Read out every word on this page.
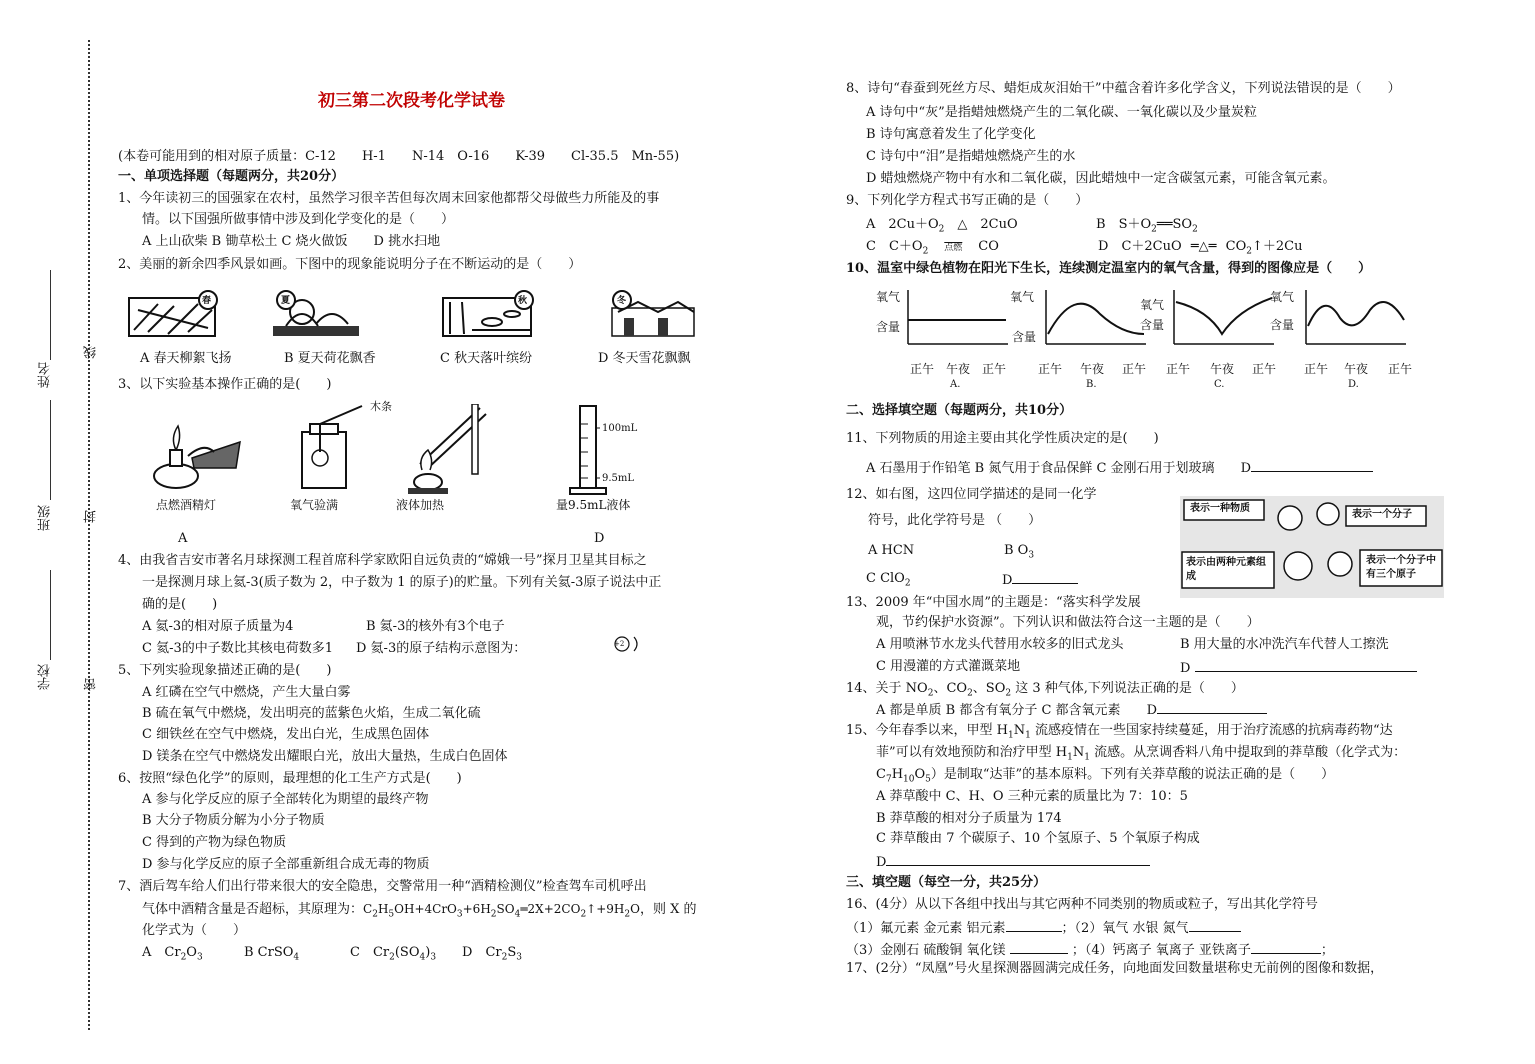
姓名
线
班级 封
学校 密
初三第二次段考化学试卷
(本卷可能用到的相对原子质量：C-12　　H-1　　N-14　O-16　　K-39　　Cl-35.5　Mn-55)
一、单项选择题（每题两分，共20分）
1、今年读初三的国强家在农村，虽然学习很辛苦但每次周末回家他都帮父母做些力所能及的事
情。以下国强所做事情中涉及到化学变化的是（　　）
A 上山砍柴 B 锄草松土 C 烧火做饭　　D 挑水扫地
2、美丽的新余四季风景如画。下图中的现象能说明分子在不断运动的是（　　）
春	夏	秋	冬
A 春天柳絮飞扬	B 夏天荷花飘香	C 秋天落叶缤纷	D 冬天雪花飘飘
3、以下实验基本操作正确的是(　　)
木条
100mL
9.5mL
点燃酒精灯	氧气验满	液体加热	量9.5mL液体
A	D
4、由我省吉安市著名月球探测工程首席科学家欧阳自远负责的“嫦娥一号”探月卫星其目标之
一是探测月球上氦-3(质子数为 2，中子数为 1 的原子)的贮量。下列有关氦-3原子说法中正
确的是(　　)
A 氦-3的相对原子质量为4	B 氦-3的核外有3个电子
C 氦-3的中子数比其核电荷数多1 D 氦-3的原子结构示意图为：	+2
5、下列实验现象描述正确的是(　　)
A 红磷在空气中燃烧，产生大量白雾
B 硫在氧气中燃烧，发出明亮的蓝紫色火焰，生成二氧化硫
C 细铁丝在空气中燃烧，发出白光，生成黑色固体
D 镁条在空气中燃烧发出耀眼白光，放出大量热，生成白色固体
6、按照“绿色化学”的原则，最理想的化工生产方式是(　　)
A 参与化学反应的原子全部转化为期望的最终产物
B 大分子物质分解为小分子物质
C 得到的产物为绿色物质
D 参与化学反应的原子全部重新组合成无毒的物质
7、酒后驾车给人们出行带来很大的安全隐患，交警常用一种“酒精检测仪”检查驾车司机呼出
气体中酒精含量是否超标，其原理为：$C_2H_5OH+4CrO_3+6H_2SO_4═2X+2CO_2↑+9H_2O$，则 X 的
化学式为（　　）
A　$Cr_2O_3$	B CrSO$_4$	C　$Cr_2(SO_4)_3$ D　$Cr_2S_3$
8、诗句“春蚕到死丝方尽、蜡炬成灰泪始干”中蕴含着许多化学含义，下列说法错误的是（　　）
A 诗句中“灰”是指蜡烛燃烧产生的二氧化碳、一氧化碳以及少量炭粒
B 诗句寓意着发生了化学变化
C 诗句中“泪”是指蜡烛燃烧产生的水
D 蜡烛燃烧产物中有水和二氧化碳，因此蜡烛中一定含碳氢元素，可能含氧元素。
9、下列化学方程式书写正确的是（　　）
A　$2Cu+O_2$ △ 2CuO	B　$S+O_2══SO_2$
C　$C+O_2$ 点燃 CO	D　C＋2CuO ═△═ $CO_2↑+2Cu$
10、温室中绿色植物在阳光下生长，连续测定温室内的氧气含量，得到的图像应是（　　）
氧气
含量
氧气
含量
氧气
含量
氧气
含量
正午 午夜 正午	正午 午夜 正午 正午 午夜 正午 正午 午夜 正午
A.	B.	C.	D.
二、选择填空题（每题两分，共10分）
11、下列物质的用途主要由其化学性质决定的是(　　)
A 石墨用于作铅笔 B 氮气用于食品保鲜 C 金刚石用于划玻璃　　 D
12、如右图，这四位同学描述的是同一化学
符号，此化学符号是 （　　）
A HCN	B $O_3$
C ClO$_2$	D
表示一种物质
表示一个分子
表示由两种元素组成
表示一个分子中有三个原子
13、2009 年“中国水周”的主题是：“落实科学发展
观，节约保护水资源”。下列认识和做法符合这一主题的是（　　）
A 用喷淋节水龙头代替用水较多的旧式龙头	B 用大量的水冲洗汽车代替人工擦洗
C 用漫灌的方式灌溉菜地	D
14、关于 $NO_2$、$CO_2$、$SO_2$ 这 3 种气体,下列说法正确的是（　　）
A 都是单质 B 都含有氧分子 C 都含氧元素　　 D
15、今年春季以来，甲型 $H_1N_1$ 流感疫情在一些国家持续蔓延，用于治疗流感的抗病毒药物“达
菲”可以有效地预防和治疗甲型 $H_1N_1$ 流感。从烹调香料八角中提取到的莽草酸（化学式为：
$C_7H_{10}O_5$）是制取“达菲”的基本原料。下列有关莽草酸的说法正确的是（　　）
A 莽草酸中 C、H、O 三种元素的质量比为 7：10：5
B 莽草酸的相对分子质量为 174
C 莽草酸由 7 个碳原子、10 个氢原子、5 个氧原子构成
D
三、填空题（每空一分，共25分）
16、(4分）从以下各组中找出与其它两种不同类别的物质或粒子，写出其化学符号
（1）氟元素 金元素 铝元素	；（2）氧气 水银 氮气
（3）金刚石 硫酸铜 氧化镁	；（4）钙离子 氧离子 亚铁离子	；
17、(2分）“凤凰”号火星探测器圆满完成任务，向地面发回数量堪称史无前例的图像和数据，
